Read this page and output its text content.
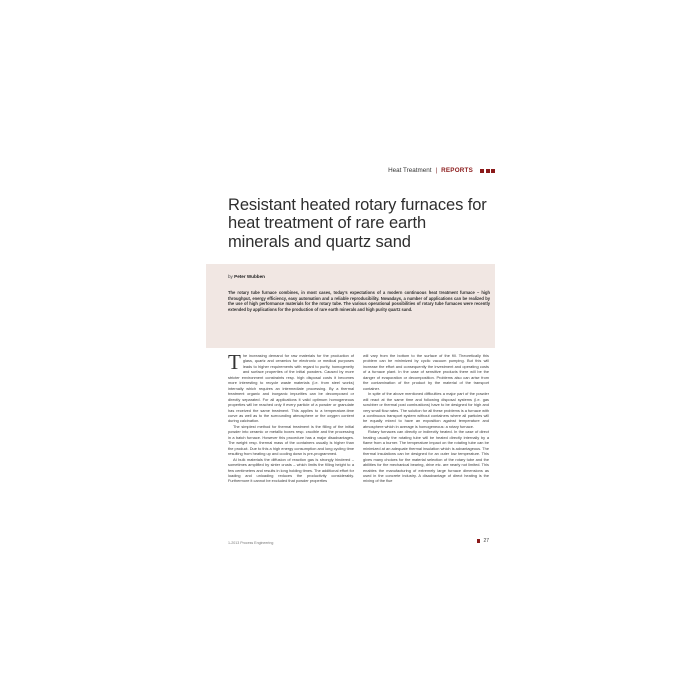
Heat Treatment | REPORTS
Resistant heated rotary furnaces for heat treatment of rare earth minerals and quartz sand
by Peter Wubben

The rotary tube furnace combines, in most cases, today's expectations of a modern continuous heat treatment furnace – high throughput, energy efficiency, easy automation and a reliable reproducibility. Nowadays, a number of applications can be realized by the use of high performance materials for the rotary tube. The various operational possibilities of rotary tube furnaces were recently extended by applications for the production of rare earth minerals and high purity quartz sand.

The increasing demand for raw materials for the production of glass, quartz and ceramics for electronic or medical purposes leads to higher requirements with regard to purity, homogeneity and surface properties of the initial powders. Caused by more stricter environment constraints resp. high disposal costs it becomes more interesting to recycle waste materials (i.e. from steel works) internally which requires an intermediate processing. By a thermal treatment organic and inorganic impurities can be decomposed or directly separated. For all applications it valid optimum homogeneous properties will be reached only if every particle of a powder or granulate has received the same treatment. This applies to a temperature-time curve as well as to the surrounding atmosphere or the oxygen content during calcination.

The simplest method for thermal treatment is the filling of the initial powder into ceramic or metallic boxes resp. crucible and the processing in a batch furnace. However this procedure has a major disadvantages. The weight resp. thermal mass of the containers usually is higher than the product. Due to this a high energy consumption and long cycling time resulting from heating up and cooling down is pre-programmed.

At bulk materials the diffusion of reaction gas is strongly hindered – sometimes amplified by sinter crusts – which limits the filling height to a few centimeters and results in long holding times. The additional effort for loading and unloading reduces the productivity considerably. Furthermore it cannot be excluded that powder properties

will vary from the bottom to the surface of the fill. Theoretically this problem can be minimized by cyclic vacuum pumping. But this will increase the effort and consequently the investment and operating costs of a furnace plant. In the case of sensitive products there will be the danger of evaporation or decomposition. Problems also can arise from the contamination of the product by the material of the transport container.

In spite of the above mentioned difficulties a major part of the powder will react at the same time and following disposal systems (i.e. gas scrubber or thermal post combustions) have to be designed for high and very small flow rates. The solution for all these problems is a furnace with a continuous transport system without containers where all particles will be equally mixed to have an exposition against temperature and atmosphere which in average is homogeneous: a rotary furnace.

Rotary furnaces can directly or indirectly heated. In the case of direct heating usually the rotating tube will be heated directly internally by a flame from a burner. The temperature impact on the rotating tube can be minimized at an adequate thermal insulation which is advantageous. The thermal insulations can be designed for an outer low temperature. This gives many choices for the material selection of the rotary tube and the abilities for the mechanical bearing, drive etc. are nearly not limited. This enables the manufacturing of extremely large furnace dimensions as used in the concrete industry. A disadvantage of direct heating is the mixing of the flue

1-2013 Process Engineering	27
